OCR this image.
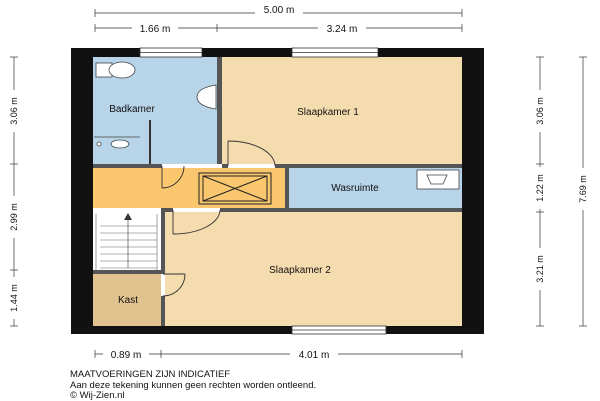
Badkamer	Slaapkamer 1
Wasruimte
Slaapkamer 2
Kast
5.00 m
1.66 m	3.24 m
0.89 m	4.01 m
3.06 m
2.99 m
1.44 m
3.06 m
1.22 m
3.21 m
7.69 m
MAATVOERINGEN ZIJN INDICATIEF
Aan deze tekening kunnen geen rechten worden ontleend.
© Wij-Zien.nl
